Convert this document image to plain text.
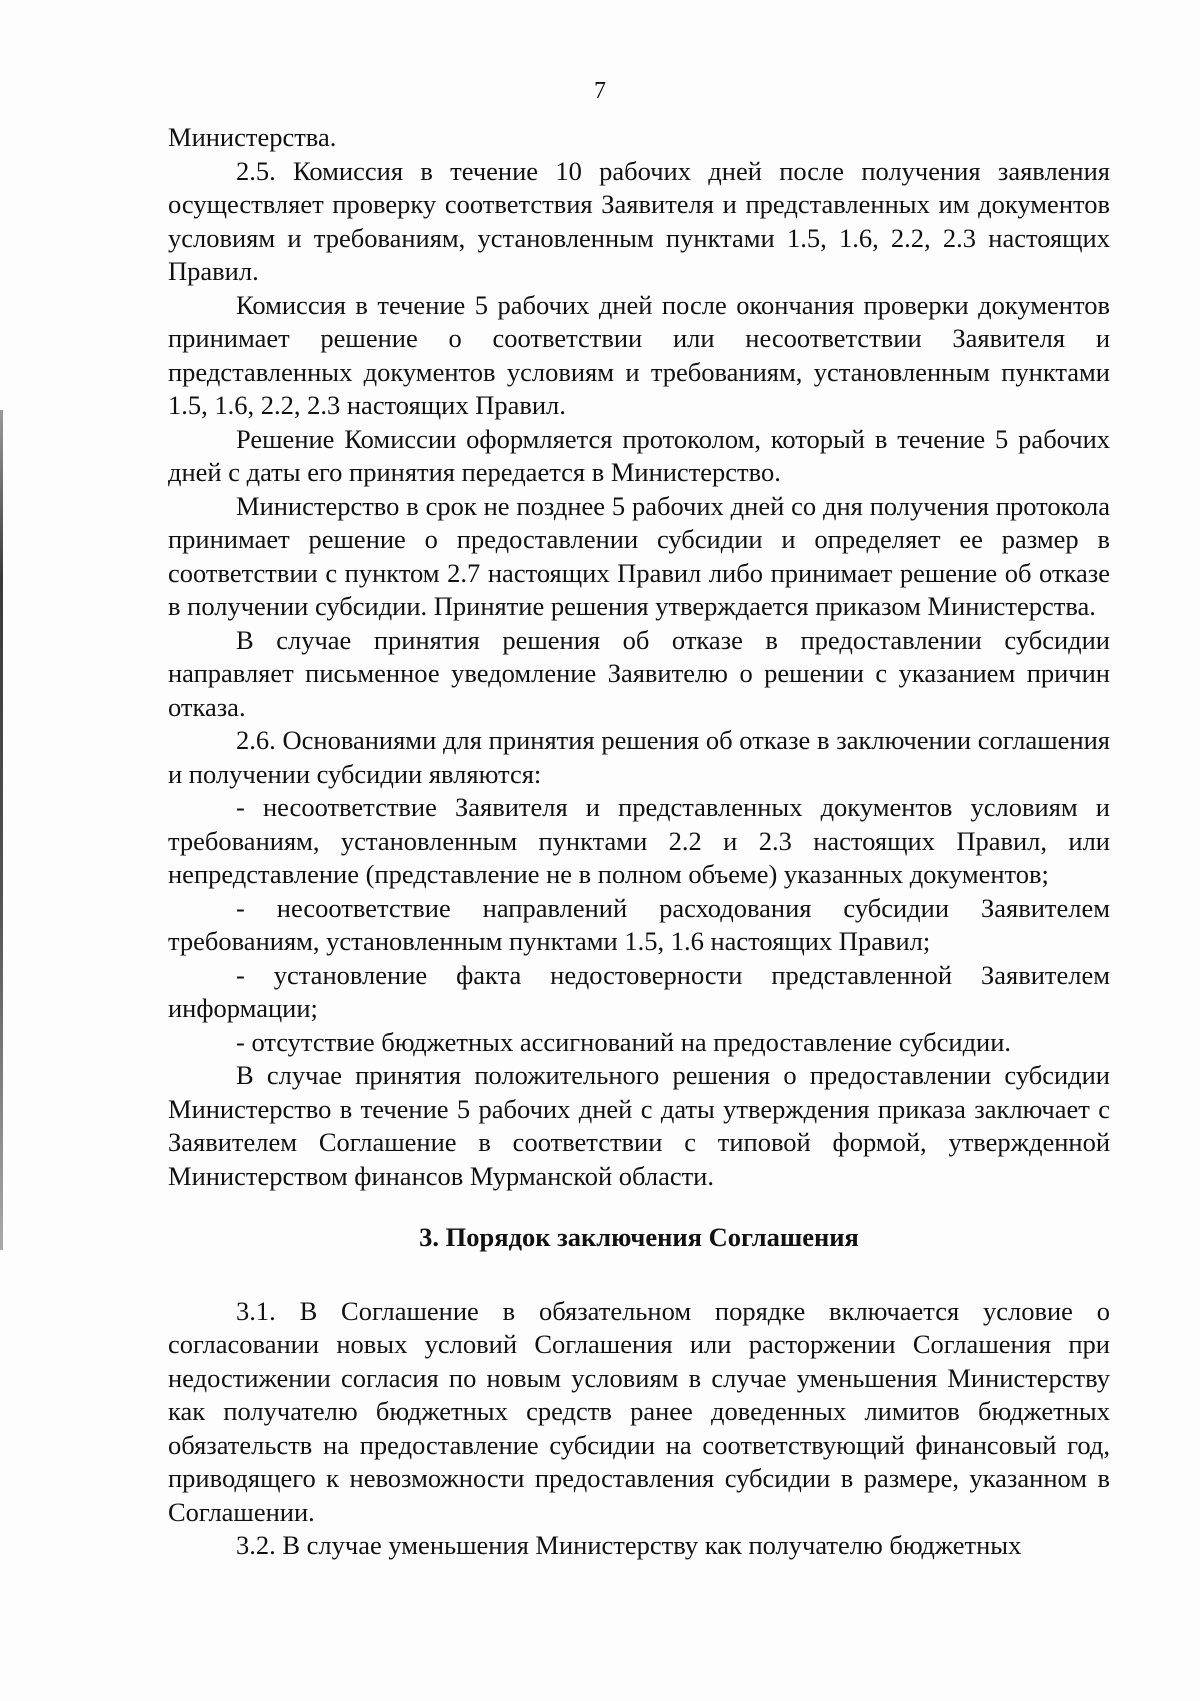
7

Министерства.

2.5. Комиссия в течение 10 рабочих дней после получения заявления осуществляет проверку соответствия Заявителя и представленных им документов условиям и требованиям, установленным пунктами 1.5, 1.6, 2.2, 2.3 настоящих Правил.

Комиссия в течение 5 рабочих дней после окончания проверки документов принимает решение о соответствии или несоответствии Заявителя и представленных документов условиям и требованиям, установленным пунктами 1.5, 1.6, 2.2, 2.3 настоящих Правил.

Решение Комиссии оформляется протоколом, который в течение 5 рабочих дней с даты его принятия передается в Министерство.

Министерство в срок не позднее 5 рабочих дней со дня получения протокола принимает решение о предоставлении субсидии и определяет ее размер в соответствии с пунктом 2.7 настоящих Правил либо принимает решение об отказе в получении субсидии. Принятие решения утверждается приказом Министерства.

В случае принятия решения об отказе в предоставлении субсидии направляет письменное уведомление Заявителю о решении с указанием причин отказа.

2.6. Основаниями для принятия решения об отказе в заключении соглашения и получении субсидии являются:

- несоответствие Заявителя и представленных документов условиям и требованиям, установленным пунктами 2.2 и 2.3 настоящих Правил, или непредставление (представление не в полном объеме) указанных документов;

- несоответствие направлений расходования субсидии Заявителем требованиям, установленным пунктами 1.5, 1.6 настоящих Правил;

- установление факта недостоверности представленной Заявителем информации;

- отсутствие бюджетных ассигнований на предоставление субсидии.

В случае принятия положительного решения о предоставлении субсидии Министерство в течение 5 рабочих дней с даты утверждения приказа заключает с Заявителем Соглашение в соответствии с типовой формой, утвержденной Министерством финансов Мурманской области.

3. Порядок заключения Соглашения

3.1. В Соглашение в обязательном порядке включается условие о согласовании новых условий Соглашения или расторжении Соглашения при недостижении согласия по новым условиям в случае уменьшения Министерству как получателю бюджетных средств ранее доведенных лимитов бюджетных обязательств на предоставление субсидии на соответствующий финансовый год, приводящего к невозможности предоставления субсидии в размере, указанном в Соглашении.

3.2. В случае уменьшения Министерству как получателю бюджетных
